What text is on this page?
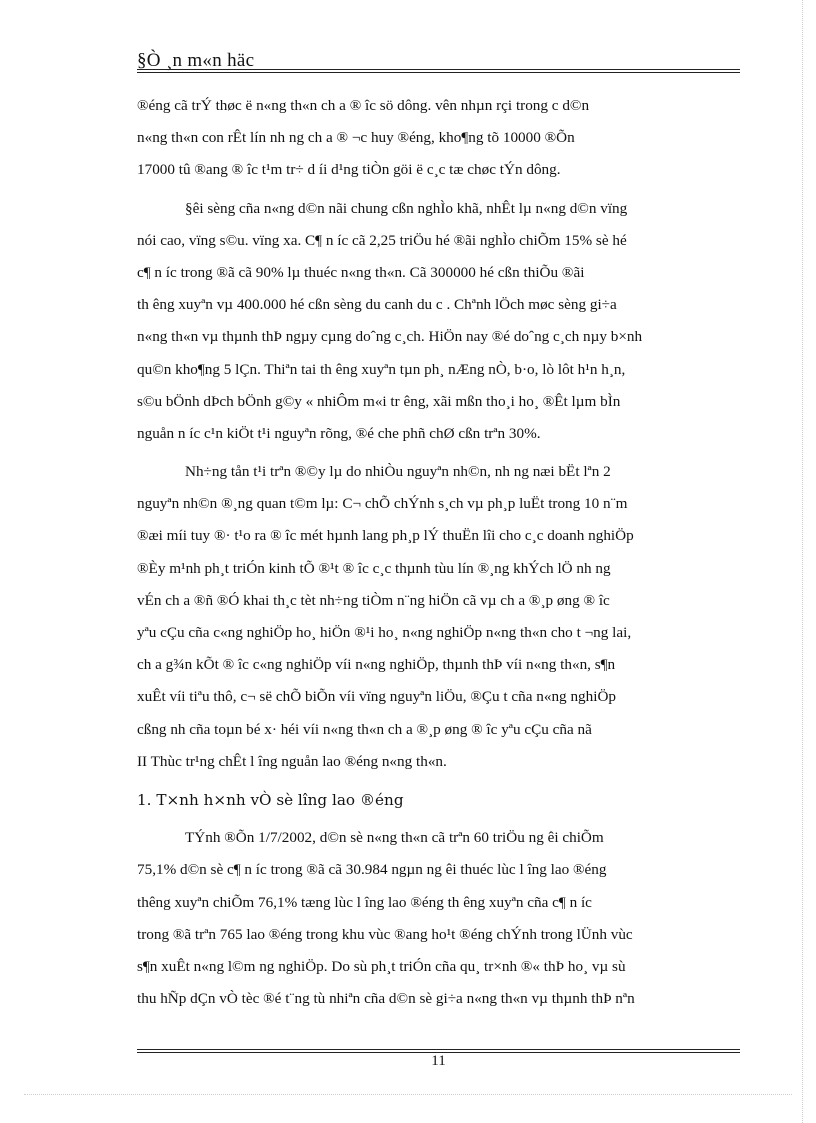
§Ò ¸n m«n häc

®éng cã trÝ thøc ë n«ng th«n ch a ® îc sö dông. vên nhµn rçi trong c d©n
n«ng th«n con rÊt lín nh ng ch a ® ¬c huy ®éng, kho¶ng tõ 10000 ®Õn
17000 tû ®ang ® îc t¹m tr÷ d íi d¹ng tiÒn göi ë c¸c tæ chøc tÝn dông.

§êi sèng cña n«ng d©n nãi chung cßn nghÌo khã, nhÊt lµ n«ng d©n vïng
nói cao, vïng s©u. vïng xa. C¶ n íc cã 2,25 triÖu hé ®ãi nghÌo chiÕm 15% sè hé
c¶ n íc trong ®ã cã 90% lµ thuéc n«ng th«n. Cã 300000 hé cßn thiÕu ®ãi
th êng xuyªn vµ 400.000 hé cßn sèng du canh du c . Chªnh lÖch møc sèng gi÷a
n«ng th«n vµ thµnh thÞ ngµy cµng doˆng c¸ch. HiÖn nay ®é doˆng c¸ch nµy b×nh
qu©n kho¶ng 5 lÇn. Thiªn tai th êng xuyªn tµn ph¸ nÆng nÒ, b·o, lò lôt h¹n h¸n,
s©u bÖnh dÞch bÖnh g©y « nhiÔm m«i tr êng, xãi mßn tho¸i ho¸ ®Êt lµm bÌn
nguån n íc c¹n kiÖt t¹i nguyªn rõng, ®é che phñ chØ cßn trªn 30%.

Nh÷ng tån t¹i trªn ®©y lµ do nhiÒu nguyªn nh©n, nh ng næi bËt lªn 2
nguyªn nh©n ®¸ng quan t©m lµ: C¬ chÕ chÝnh s¸ch vµ ph¸p luËt trong 10 n¨m
®æi míi tuy ®· t¹o ra ® îc mét hµnh lang ph¸p lÝ thuËn lîi cho c¸c doanh nghiÖp
®Èy m¹nh ph¸t triÓn kinh tÕ ®¹t ® îc c¸c thµnh tùu lín ®¸ng khÝch lÖ nh ng
vÉn ch a ®ñ ®Ó khai th¸c tèt nh÷ng tiÒm n¨ng hiÖn cã vµ ch a ®¸p øng ® îc
yªu cÇu cña c«ng nghiÖp ho¸ hiÖn ®¹i ho¸ n«ng nghiÖp n«ng th«n cho t ¬ng lai,
ch a g¾n kÕt ® îc c«ng nghiÖp víi n«ng nghiÖp, thµnh thÞ víi n«ng th«n, s¶n
xuÊt víi tiªu thô, c¬ së chÕ biÕn víi vïng nguyªn liÖu, ®Çu t cña n«ng nghiÖp
cßng nh cña toµn bé x· héi víi n«ng th«n ch a ®¸p øng ® îc yªu cÇu cña nã
II Thùc tr¹ng chÊt l îng nguån lao ®éng n«ng th«n.

1. T×nh h×nh vÒ sè lîng lao ®éng

TÝnh ®Õn 1/7/2002, d©n sè n«ng th«n cã trªn 60 triÖu ng êi chiÕm
75,1% d©n sè c¶ n íc trong ®ã cã 30.984 ngµn ng êi thuéc lùc l îng lao ®éng
thêng xuyªn chiÕm 76,1% tæng lùc l îng lao ®éng th êng xuyªn cña c¶ n íc
trong ®ã trªn 765 lao ®éng trong khu vùc ®ang ho¹t ®éng chÝnh trong lÜnh vùc
s¶n xuÊt n«ng l©m ng nghiÖp. Do sù ph¸t triÓn cña qu¸ tr×nh ®« thÞ ho¸ vµ sù
thu hÑp dÇn vÒ tèc ®é t¨ng tù nhiªn cña d©n sè gi÷a n«ng th«n vµ thµnh thÞ nªn

11
